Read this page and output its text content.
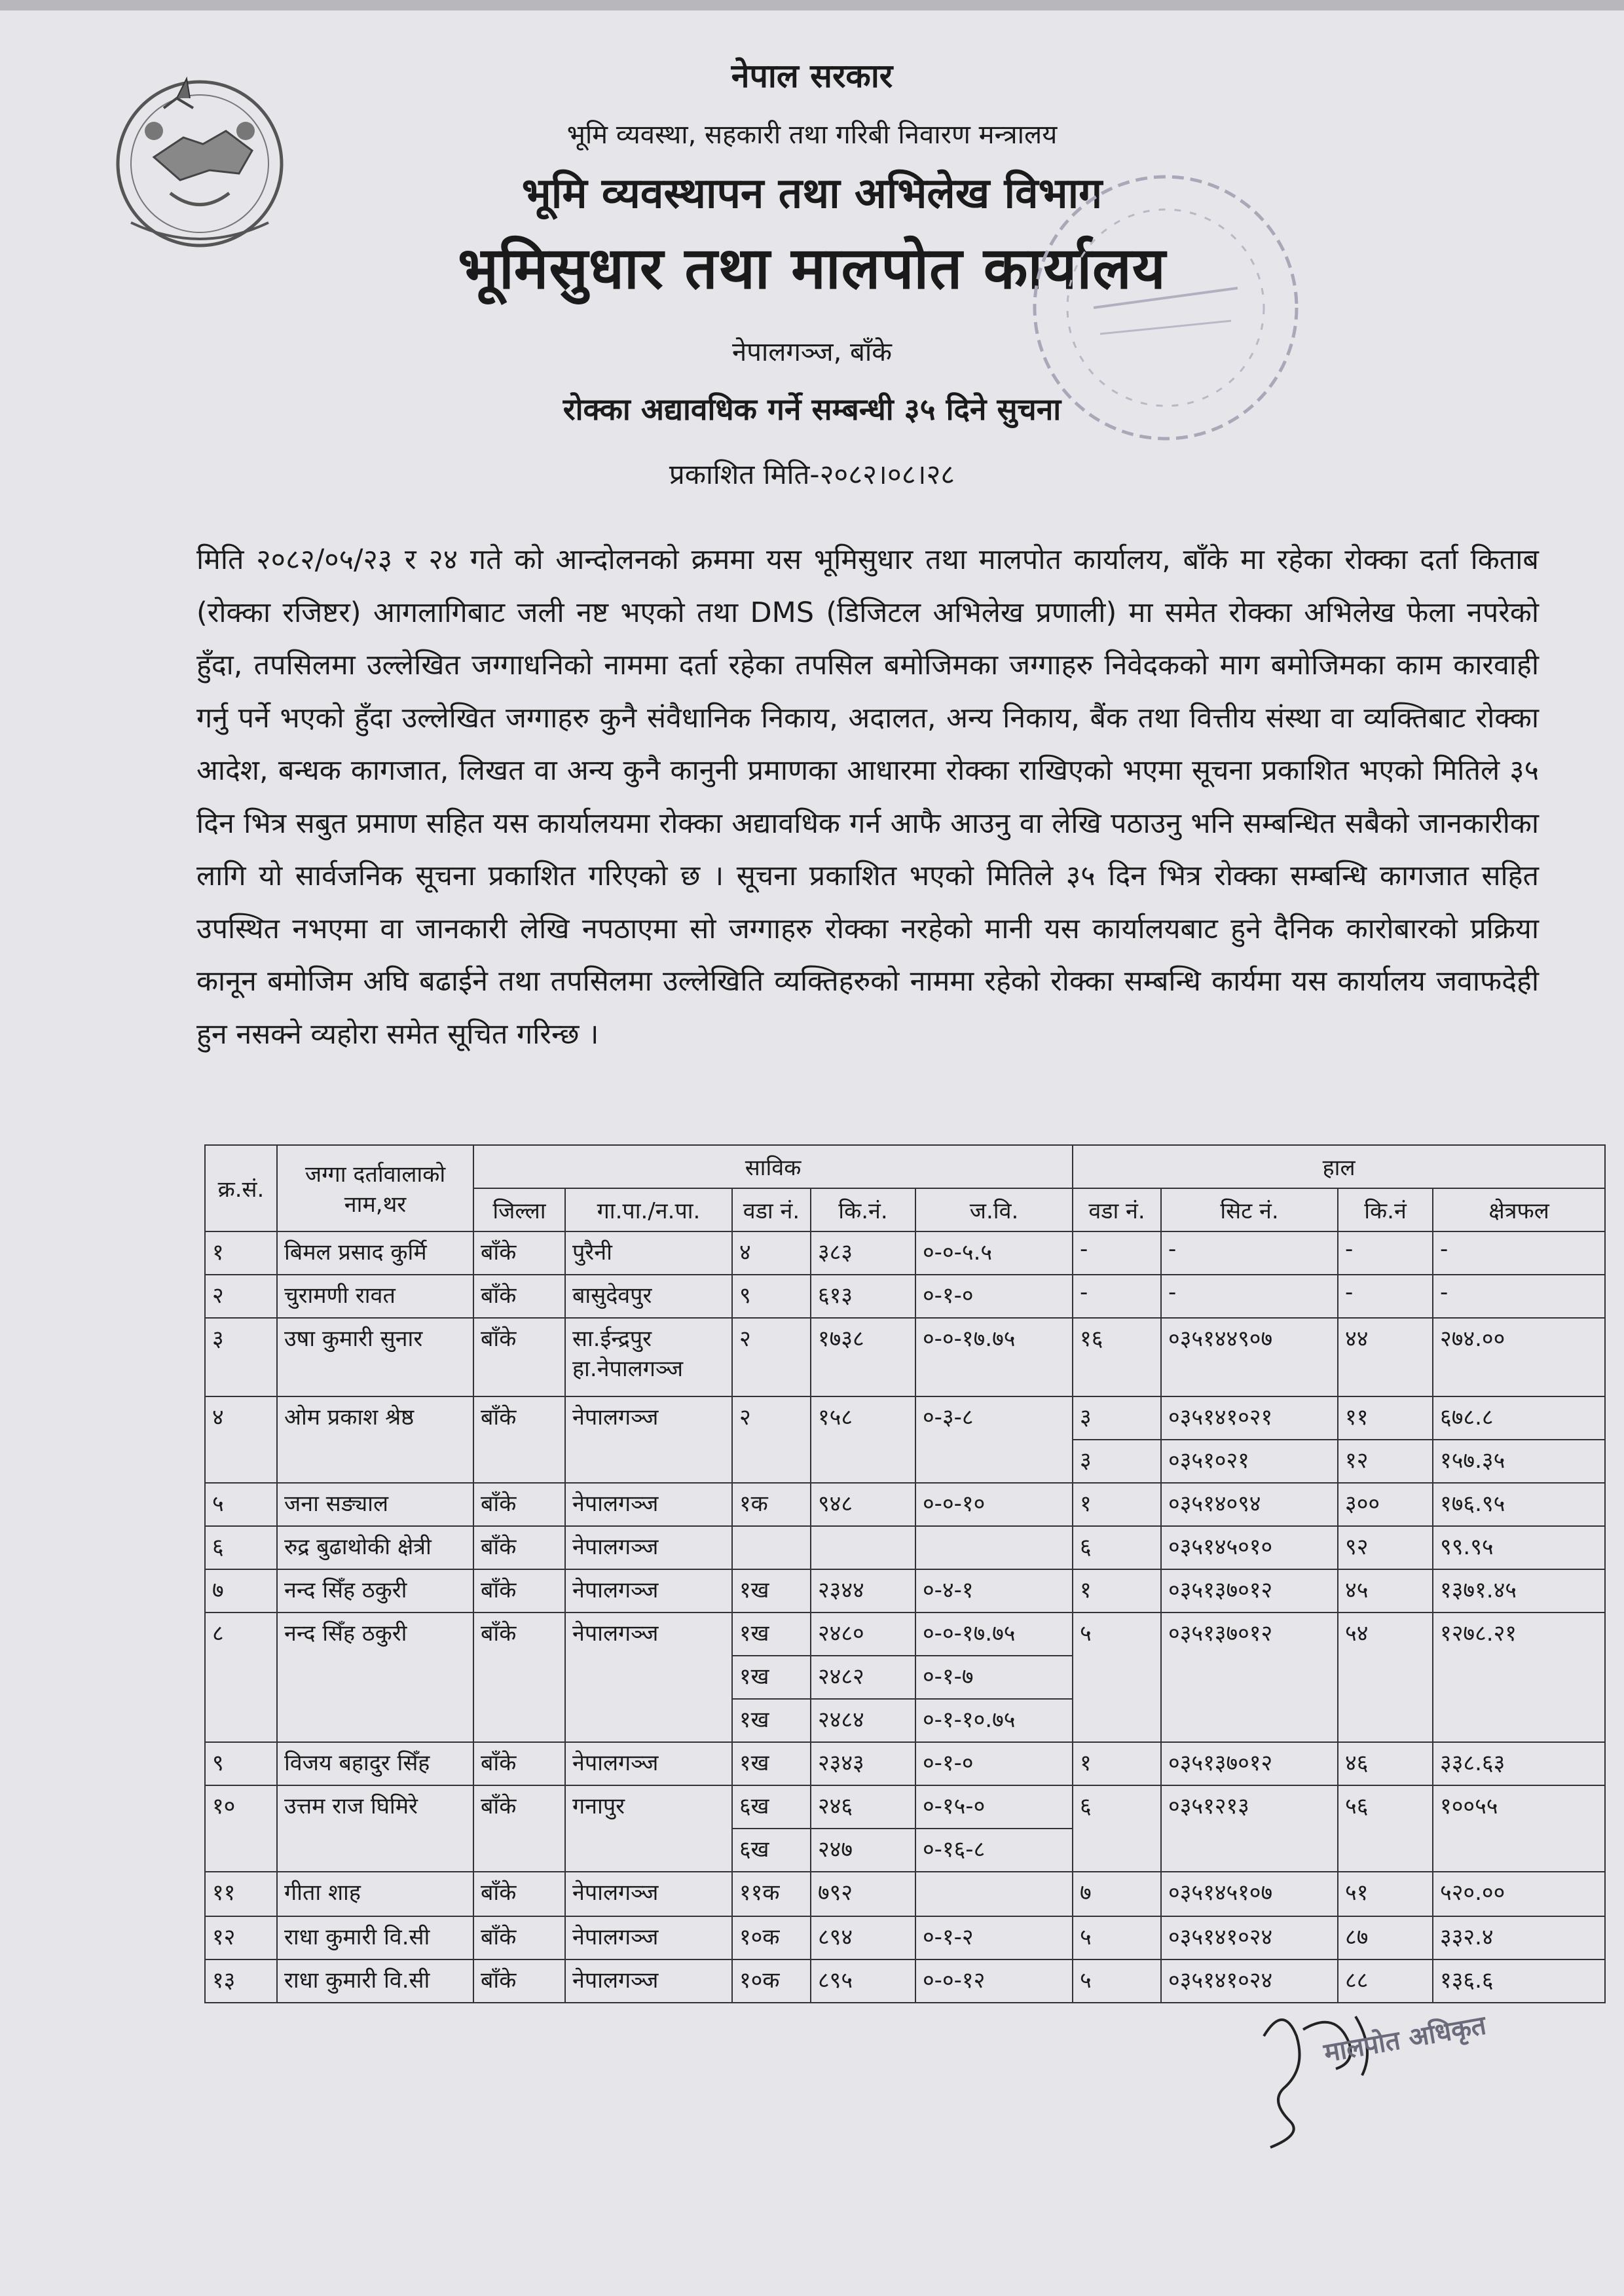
नेपाल सरकार
भूमि व्यवस्था, सहकारी तथा गरिबी निवारण मन्त्रालय
भूमि व्यवस्थापन तथा अभिलेख विभाग
भूमिसुधार तथा मालपोत कार्यालय
नेपालगञ्ज, बाँके
रोक्का अद्यावधिक गर्ने सम्बन्धी ३५ दिने सुचना
प्रकाशित मिति-२०८२।०८।२८
मिति २०८२/०५/२३ र २४ गते को आन्दोलनको क्रममा यस भूमिसुधार तथा मालपोत कार्यालय, बाँके मा रहेका रोक्का दर्ता किताब (रोक्का रजिष्टर) आगलागिबाट जली नष्ट भएको तथा DMS (डिजिटल अभिलेख प्रणाली) मा समेत रोक्का अभिलेख फेला नपरेको हुँदा, तपसिलमा उल्लेखित जग्गाधनिको नाममा दर्ता रहेका तपसिल बमोजिमका जग्गाहरु निवेदकको माग बमोजिमका काम कारवाही गर्नु पर्ने भएको हुँदा उल्लेखित जग्गाहरु कुनै संवैधानिक निकाय, अदालत, अन्य निकाय, बैंक तथा वित्तीय संस्था वा व्यक्तिबाट रोक्का आदेश, बन्धक कागजात, लिखत वा अन्य कुनै कानुनी प्रमाणका आधारमा रोक्का राखिएको भएमा सूचना प्रकाशित भएको मितिले ३५ दिन भित्र सबुत प्रमाण सहित यस कार्यालयमा रोक्का अद्यावधिक गर्न आफै आउनु वा लेखि पठाउनु भनि सम्बन्धित सबैको जानकारीका लागि यो सार्वजनिक सूचना प्रकाशित गरिएको छ । सूचना प्रकाशित भएको मितिले ३५ दिन भित्र रोक्का सम्बन्धि कागजात सहित उपस्थित नभएमा वा जानकारी लेखि नपठाएमा सो जग्गाहरु रोक्का नरहेको मानी यस कार्यालयबाट हुने दैनिक कारोबारको प्रक्रिया कानून बमोजिम अघि बढाईने तथा तपसिलमा उल्लेखिति व्यक्तिहरुको नाममा रहेको रोक्का सम्बन्धि कार्यमा यस कार्यालय जवाफदेही हुन नसक्ने व्यहोरा समेत सूचित गरिन्छ ।
क्र.सं.	जग्गा दर्तावालाको नाम,थर	साविक					हाल			
		जिल्ला	गा.पा./न.पा.	वडा नं.	कि.नं.	ज.वि.	वडा नं.	सिट नं.	कि.नं	क्षेत्रफल
१	बिमल प्रसाद कुर्मि	बाँके	पुरैनी	४	३८३	०-०-५.५	-	-	-	-
२	चुरामणी रावत	बाँके	बासुदेवपुर	९	६१३	०-१-०	-	-	-	-
३	उषा कुमारी सुनार	बाँके	सा.ईन्द्रपुर
हा.नेपालगञ्ज	२	१७३८	०-०-१७.७५	१६	०३५१४४९०७	४४	२७४.००
४	ओम प्रकाश श्रेष्ठ	बाँके	नेपालगञ्ज	२	१५८	०-३-८	३	०३५१४१०२१	११	६७८.८
							३	०३५१०२१	१२	१५७.३५
५	जना सङ्याल	बाँके	नेपालगञ्ज	१क	९४८	०-०-१०	१	०३५१४०९४	३००	१७६.९५
६	रुद्र बुढाथोकी क्षेत्री	बाँके	नेपालगञ्ज				६	०३५१४५०१०	९२	९९.९५
७	नन्द सिँह ठकुरी	बाँके	नेपालगञ्ज	१ख	२३४४	०-४-१	१	०३५१३७०१२	४५	१३७१.४५
८	नन्द सिँह ठकुरी	बाँके	नेपालगञ्ज	१ख	२४८०	०-०-१७.७५	५	०३५१३७०१२	५४	१२७८.२१
				१ख	२४८२	०-१-७				
				१ख	२४८४	०-१-१०.७५				
९	विजय बहादुर सिँह	बाँके	नेपालगञ्ज	१ख	२३४३	०-१-०	१	०३५१३७०१२	४६	३३८.६३
१०	उत्तम राज घिमिरे	बाँके	गनापुर	६ख	२४६	०-१५-०	६	०३५१२१३	५६	१००५५
				६ख	२४७	०-१६-८				
११	गीता शाह	बाँके	नेपालगञ्ज	११क	७९२		७	०३५१४५१०७	५१	५२०.००
१२	राधा कुमारी वि.सी	बाँके	नेपालगञ्ज	१०क	८९४	०-१-२	५	०३५१४१०२४	८७	३३२.४
१३	राधा कुमारी वि.सी	बाँके	नेपालगञ्ज	१०क	८९५	०-०-१२	५	०३५१४१०२४	८८	१३६.६
मालपोत अधिकृत
